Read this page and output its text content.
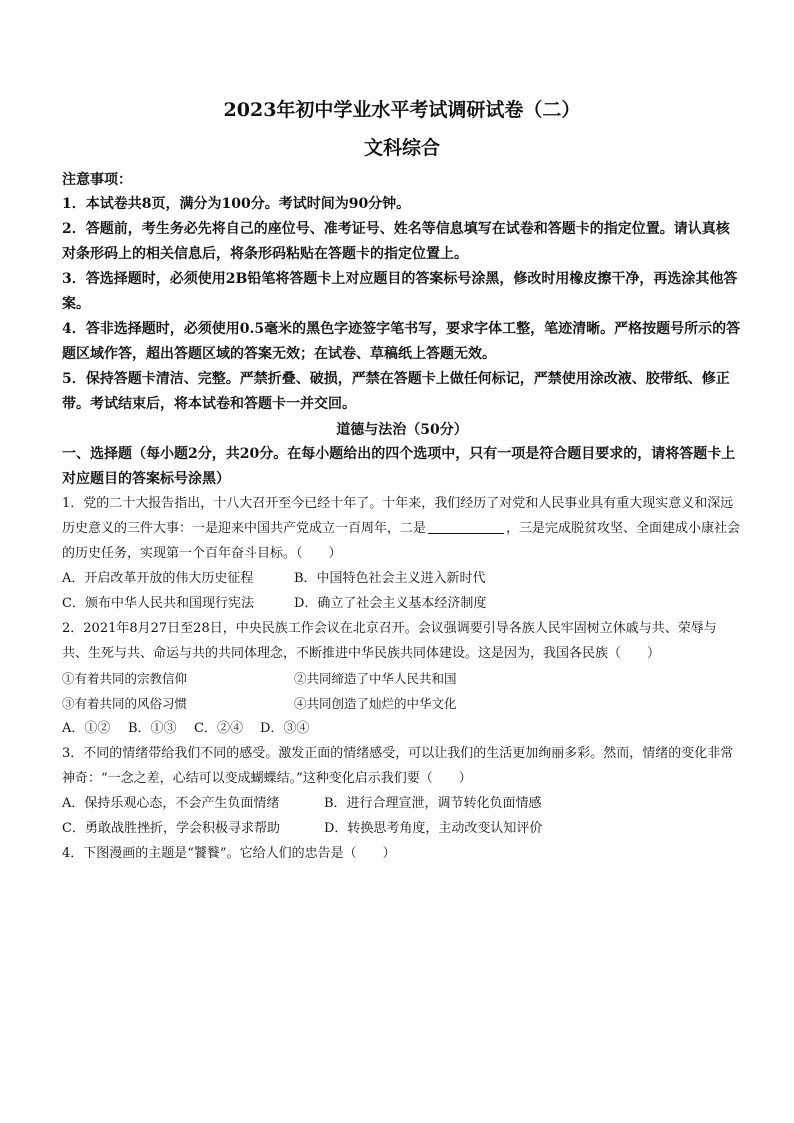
2023年初中学业水平考试调研试卷（二）
文科综合
注意事项：
1．本试卷共8页，满分为100分。考试时间为90分钟。
2．答题前，考生务必先将自己的座位号、准考证号、姓名等信息填写在试卷和答题卡的指定位置。请认真核对条形码上的相关信息后，将条形码粘贴在答题卡的指定位置上。
3．答选择题时，必须使用2B铅笔将答题卡上对应题目的答案标号涂黑，修改时用橡皮擦干净，再选涂其他答案。
4．答非选择题时，必须使用0.5毫米的黑色字迹签字笔书写，要求字体工整，笔迹清晰。严格按题号所示的答题区域作答，超出答题区域的答案无效；在试卷、草稿纸上答题无效。
5．保持答题卡清洁、完整。严禁折叠、破损，严禁在答题卡上做任何标记，严禁使用涂改液、胶带纸、修正带。考试结束后，将本试卷和答题卡一并交回。
道德与法治（50分）
一、选择题（每小题2分，共20分。在每小题给出的四个选项中，只有一项是符合题目要求的，请将答题卡上对应题目的答案标号涂黑）
1．党的二十大报告指出，十八大召开至今已经十年了。十年来，我们经历了对党和人民事业具有重大现实意义和深远历史意义的三件大事：一是迎来中国共产党成立一百周年，二是	，三是完成脱贫攻坚、全面建成小康社会的历史任务，实现第一个百年奋斗目标。（　　）
A．开启改革开放的伟大历史征程	B．中国特色社会主义进入新时代
C．颁布中华人民共和国现行宪法	D．确立了社会主义基本经济制度
2．2021年8月27日至28日，中央民族工作会议在北京召开。会议强调要引导各族人民牢固树立休戚与共、荣辱与共、生死与共、命运与共的共同体理念，不断推进中华民族共同体建设。这是因为，我国各民族（　　）
①有着共同的宗教信仰	②共同缔造了中华人民共和国
③有着共同的风俗习惯	④共同创造了灿烂的中华文化
A．①②	B．①③	C．②④	D．③④
3．不同的情绪带给我们不同的感受。激发正面的情绪感受，可以让我们的生活更加绚丽多彩。然而，情绪的变化非常神奇：“一念之差，心结可以变成蝴蝶结。”这种变化启示我们要（　　）
A．保持乐观心态，不会产生负面情绪	B．进行合理宣泄，调节转化负面情感
C．勇敢战胜挫折，学会积极寻求帮助	D．转换思考角度，主动改变认知评价
4．下图漫画的主题是“饕餮”。它给人们的忠告是（　　）
